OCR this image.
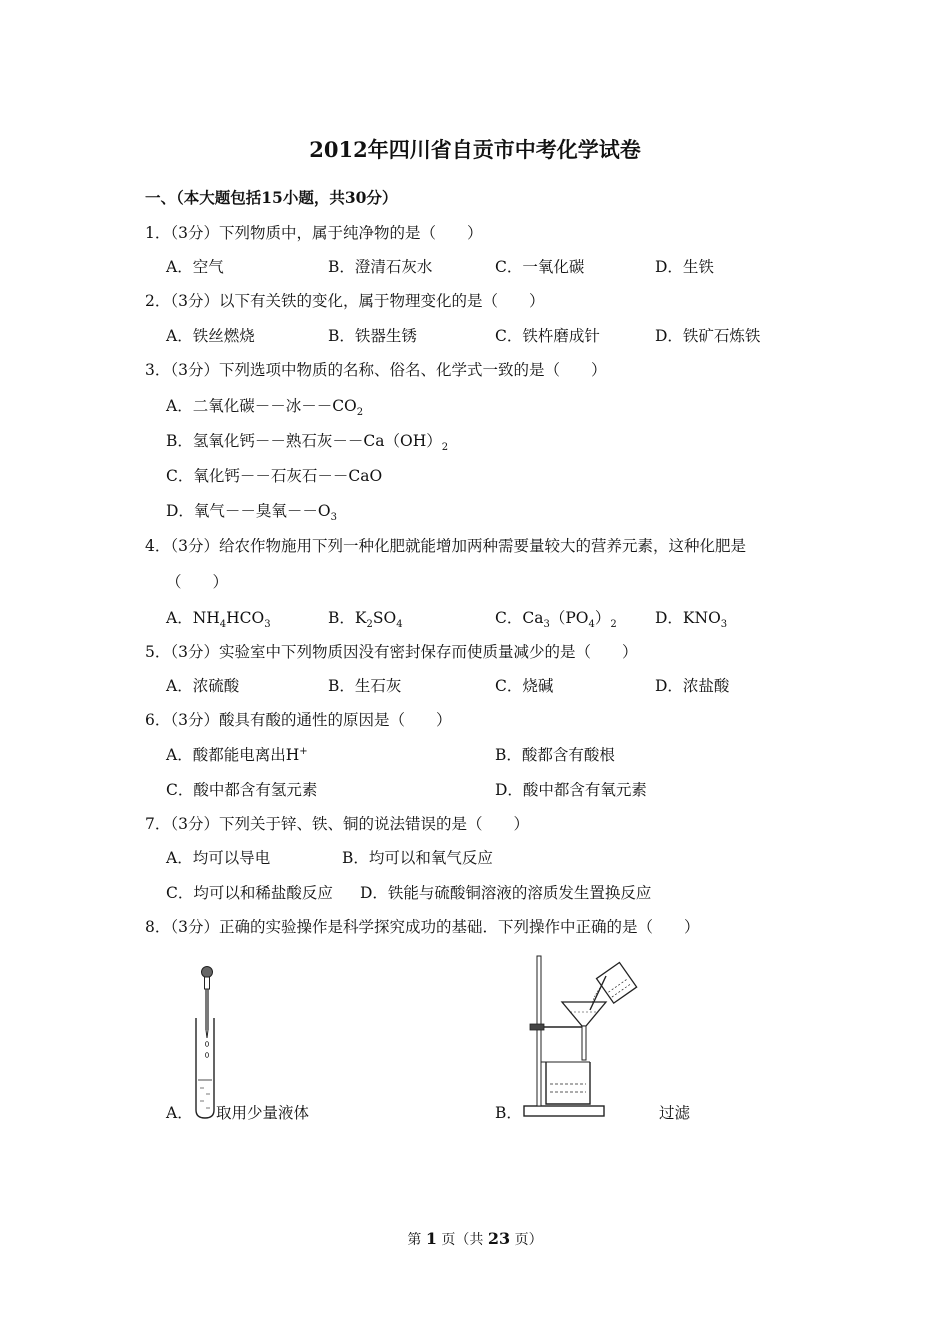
2012年四川省自贡市中考化学试卷
一、（本大题包括15小题，共30分）
1．（3分）下列物质中，属于纯净物的是（　　）
A．空气	B．澄清石灰水	C．一氧化碳	D．生铁
2．（3分）以下有关铁的变化，属于物理变化的是（　　）
A．铁丝燃烧	B．铁器生锈	C．铁杵磨成针	D．铁矿石炼铁
3．（3分）下列选项中物质的名称、俗名、化学式一致的是（　　）
A．二氧化碳－－冰$--CO_2$
B．氢氧化钙－－熟石灰$--Ca(OH)_2$
C．氧化钙－－石灰石－－CaO
D．氧气－－臭氧$--O_3$
4．（3分）给农作物施用下列一种化肥就能增加两种需要量较大的营养元素，这种化肥是
（　　）
A．$NH_4HCO_3$	B．$K_2SO_4$	C．$Ca_3(PO_4)_2$ D．$KNO_3$
5．（3分）实验室中下列物质因没有密封保存而使质量减少的是（　　）
A．浓硫酸	B．生石灰	C．烧碱	D．浓盐酸
6．（3分）酸具有酸的通性的原因是（　　）
A．酸都能电离出H+	B．酸都含有酸根
C．酸中都含有氢元素	D．酸中都含有氧元素
7．（3分）下列关于锌、铁、铜的说法错误的是（　　）
A．均可以导电	B．均可以和氧气反应
C．均可以和稀盐酸反应 D．铁能与硫酸铜溶液的溶质发生置换反应
8．（3分）正确的实验操作是科学探究成功的基础．下列操作中正确的是（　　）
A． 取用少量液体	B．	过滤
第 1 页（共 23 页）
